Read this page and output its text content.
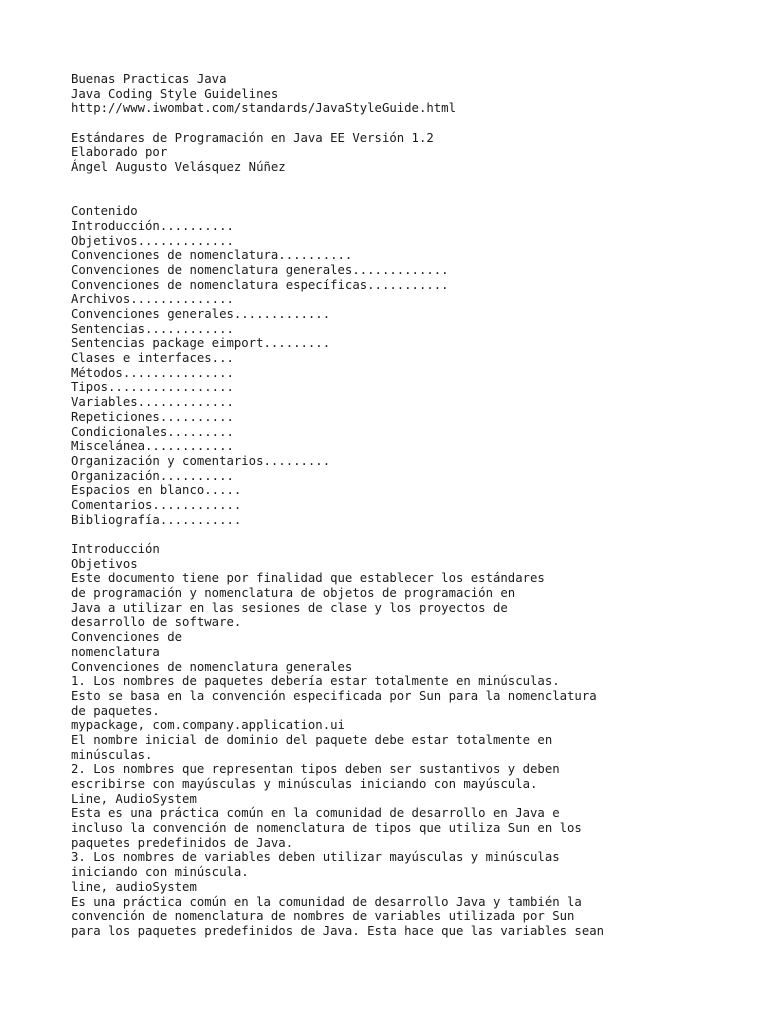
Buenas Practicas Java
Java Coding Style Guidelines
http://www.iwombat.com/standards/JavaStyleGuide.html
Estándares de Programación en Java EE Versión 1.2
Elaborado por
Ángel Augusto Velásquez Núñez
Contenido
Introducción..........
Objetivos.............
Convenciones de nomenclatura..........
Convenciones de nomenclatura generales.............
Convenciones de nomenclatura específicas...........
Archivos..............
Convenciones generales.............
Sentencias............
Sentencias package eimport.........
Clases e interfaces...
Métodos...............
Tipos.................
Variables.............
Repeticiones..........
Condicionales.........
Miscelánea............
Organización y comentarios.........
Organización..........
Espacios en blanco.....
Comentarios............
Bibliografía...........
Introducción
Objetivos
Este documento tiene por finalidad que establecer los estándares
de programación y nomenclatura de objetos de programación en
Java a utilizar en las sesiones de clase y los proyectos de
desarrollo de software.
Convenciones de
nomenclatura
Convenciones de nomenclatura generales
1. Los nombres de paquetes debería estar totalmente en minúsculas.
Esto se basa en la convención especificada por Sun para la nomenclatura
de paquetes.
mypackage, com.company.application.ui
El nombre inicial de dominio del paquete debe estar totalmente en
minúsculas.
2. Los nombres que representan tipos deben ser sustantivos y deben
escribirse con mayúsculas y minúsculas iniciando con mayúscula.
Line, AudioSystem
Esta es una práctica común en la comunidad de desarrollo en Java e
incluso la convención de nomenclatura de tipos que utiliza Sun en los
paquetes predefinidos de Java.
3. Los nombres de variables deben utilizar mayúsculas y minúsculas
iniciando con minúscula.
line, audioSystem
Es una práctica común en la comunidad de desarrollo Java y también la
convención de nomenclatura de nombres de variables utilizada por Sun
para los paquetes predefinidos de Java. Esta hace que las variables sean
